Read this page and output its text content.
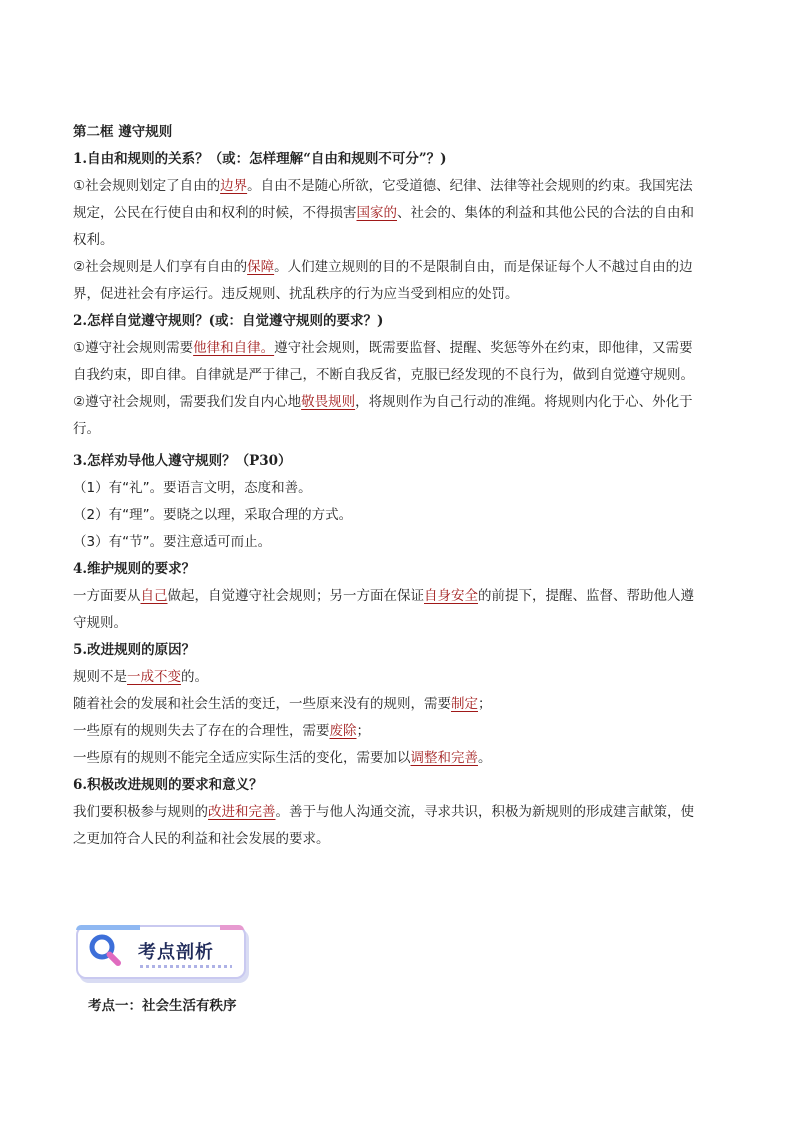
第二框 遵守规则
1.自由和规则的关系？（或：怎样理解“自由和规则不可分”？)
①社会规则划定了自由的边界。自由不是随心所欲，它受道德、纪律、法律等社会规则的约束。我国宪法
规定，公民在行使自由和权利的时候，不得损害国家的、社会的、集体的利益和其他公民的合法的自由和
权利。
②社会规则是人们享有自由的保障。人们建立规则的目的不是限制自由，而是保证每个人不越过自由的边
界，促进社会有序运行。违反规则、扰乱秩序的行为应当受到相应的处罚。
2.怎样自觉遵守规则？(或：自觉遵守规则的要求？)
①遵守社会规则需要他律和自律。遵守社会规则，既需要监督、提醒、奖惩等外在约束，即他律，又需要
自我约束，即自律。自律就是严于律己，不断自我反省，克服已经发现的不良行为，做到自觉遵守规则。
②遵守社会规则，需要我们发自内心地敬畏规则，将规则作为自己行动的准绳。将规则内化于心、外化于
行。
3.怎样劝导他人遵守规则？（P30）
（1）有“礼”。要语言文明，态度和善。
（2）有“理”。要晓之以理，采取合理的方式。
（3）有“节”。要注意适可而止。
4.维护规则的要求？
一方面要从自己做起，自觉遵守社会规则；另一方面在保证自身安全的前提下，提醒、监督、帮助他人遵
守规则。
5.改进规则的原因？
规则不是一成不变的。
随着社会的发展和社会生活的变迁，一些原来没有的规则，需要制定；
一些原有的规则失去了存在的合理性，需要废除；
一些原有的规则不能完全适应实际生活的变化，需要加以调整和完善。
6.积极改进规则的要求和意义？
我们要积极参与规则的改进和完善。善于与他人沟通交流，寻求共识，积极为新规则的形成建言献策，使
之更加符合人民的利益和社会发展的要求。
考点剖析
考点一：社会生活有秩序
